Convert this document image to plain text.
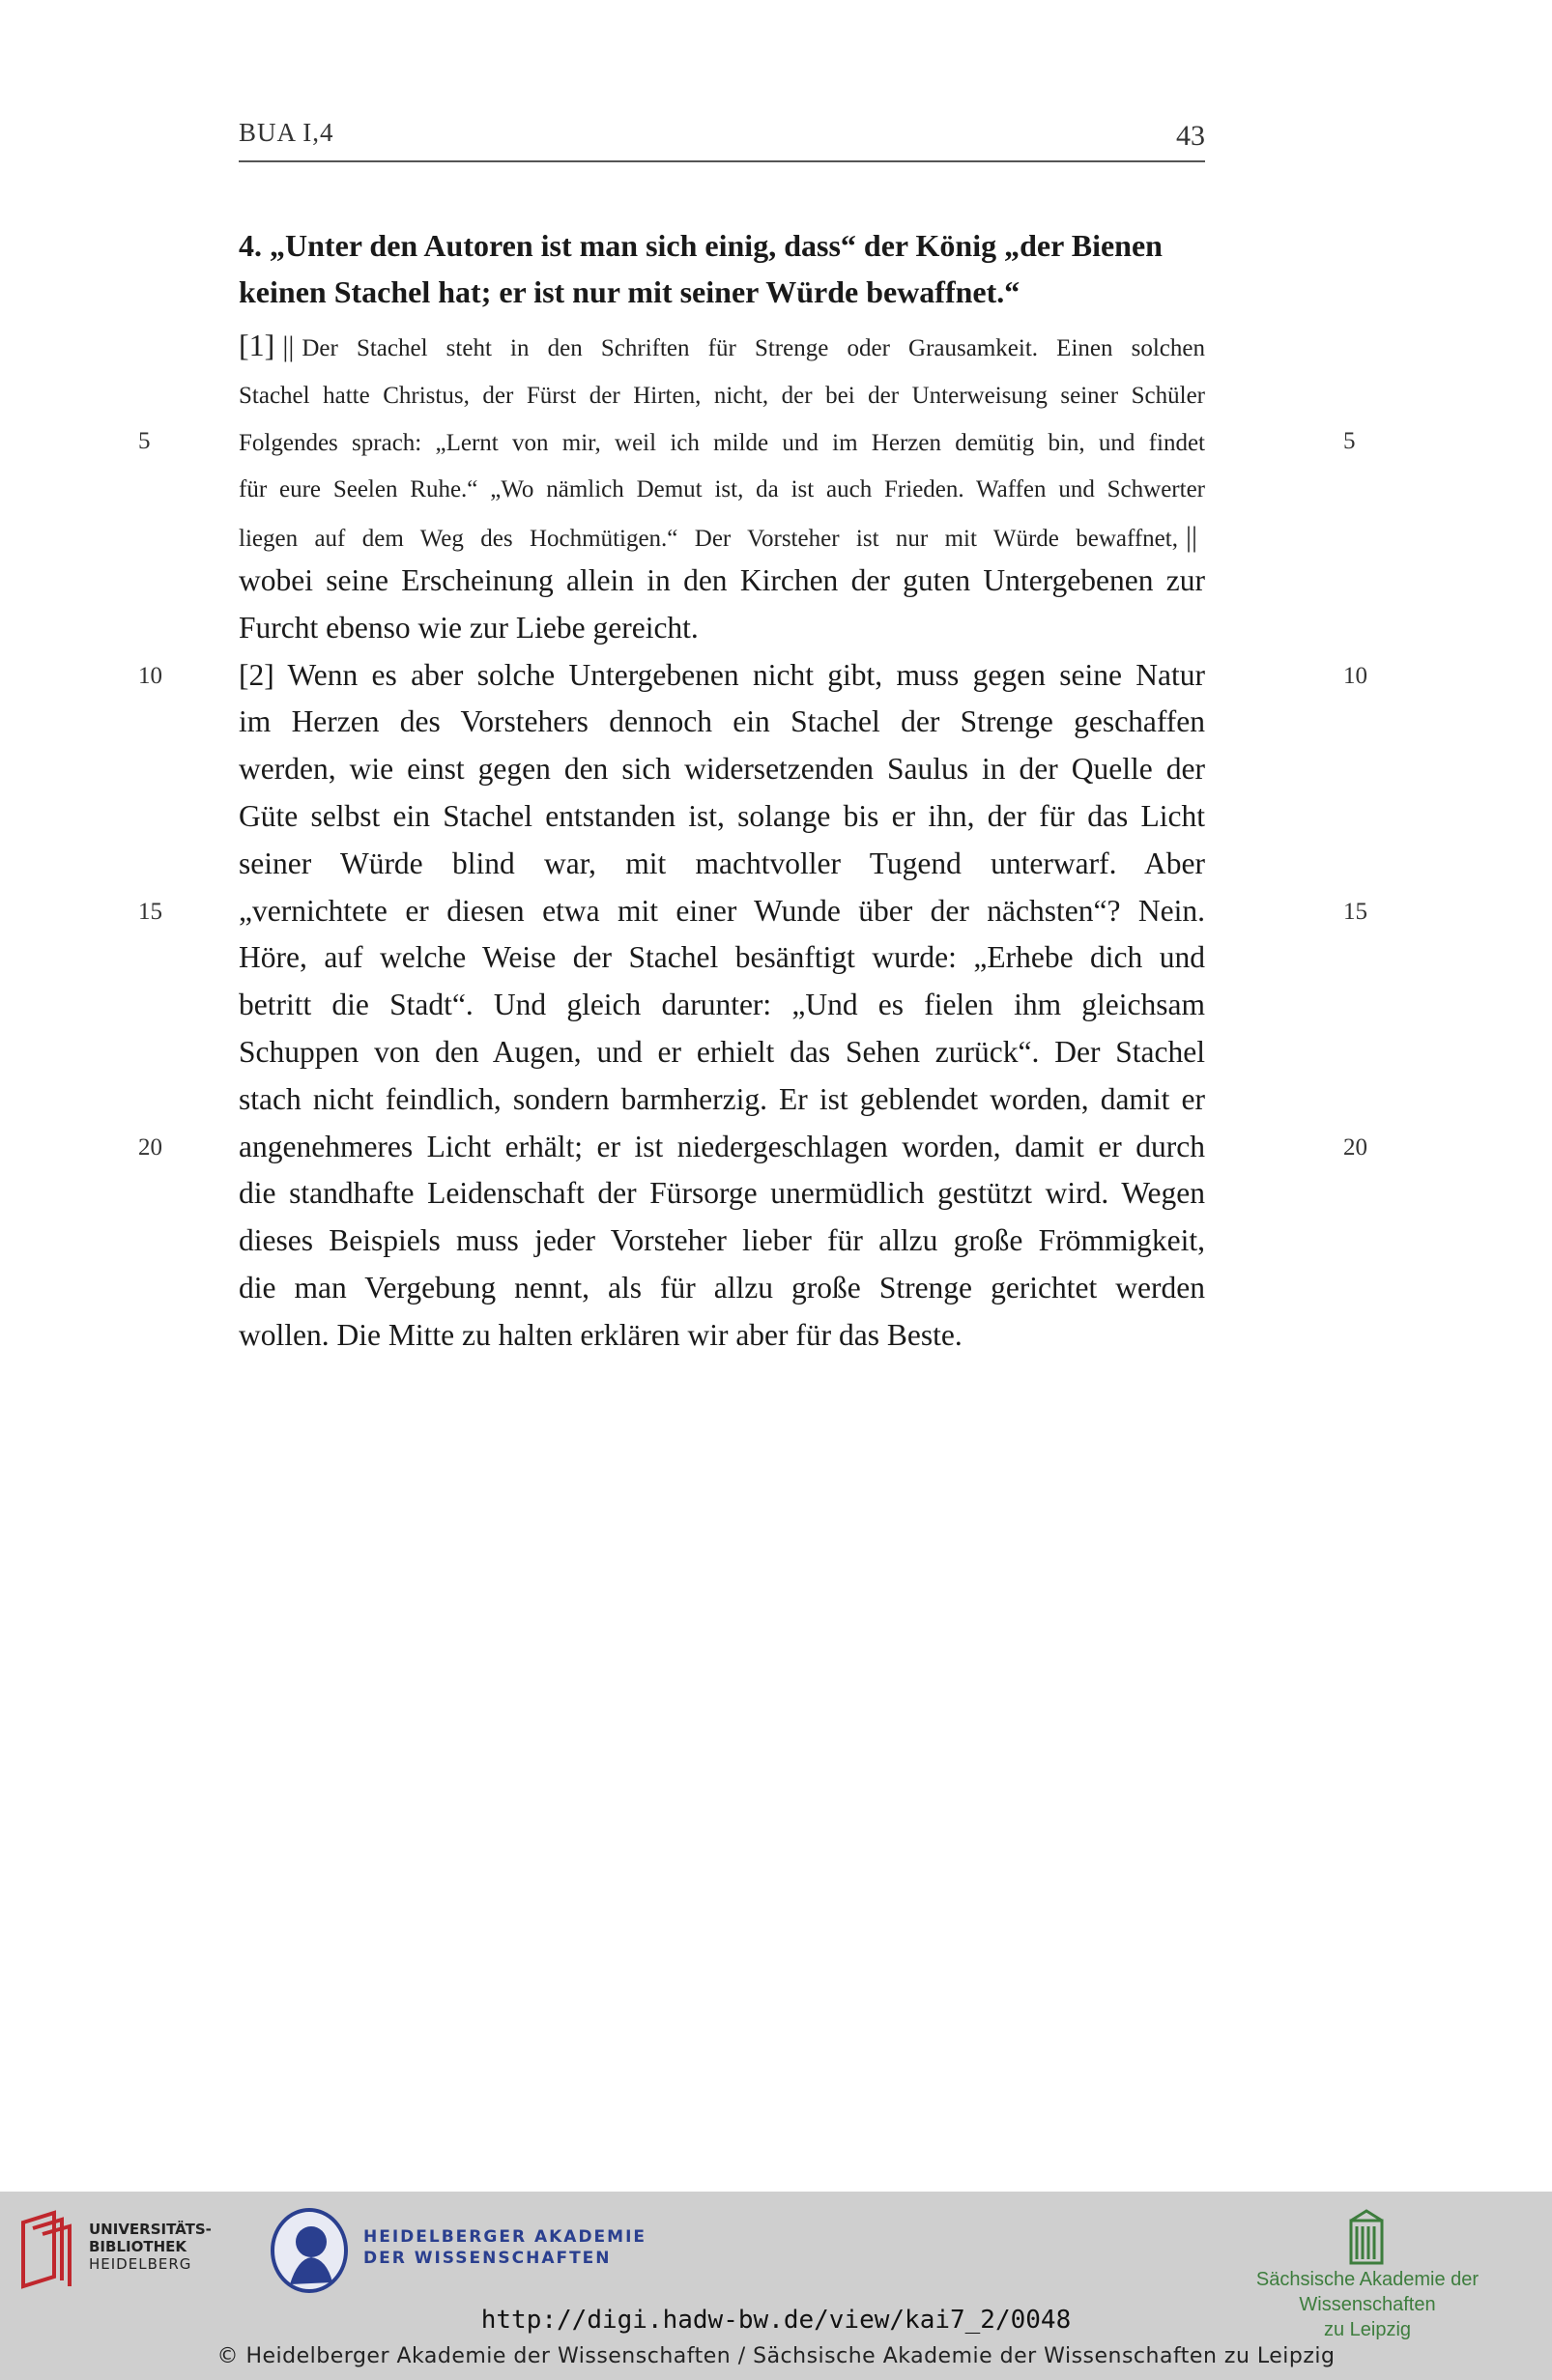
BUA I,4	43
4. „Unter den Autoren ist man sich einig, dass“ der König „der Bienen
keinen Stachel hat; er ist nur mit seiner Würde bewaffnet.“
[1] || Der Stachel steht in den Schriften für Strenge oder Grausamkeit. Einen solchen
Stachel hatte Christus, der Fürst der Hirten, nicht, der bei der Unterweisung seiner Schüler
Folgendes sprach: „Lernt von mir, weil ich milde und im Herzen demütig bin, und findet
für eure Seelen Ruhe.“ „Wo nämlich Demut ist, da ist auch Frieden. Waffen und Schwerter
liegen auf dem Weg des Hochmütigen.“ Der Vorsteher ist nur mit Würde bewaffnet, ||
wobei seine Erscheinung allein in den Kirchen der guten Untergebenen zur
Furcht ebenso wie zur Liebe gereicht.
[2] Wenn es aber solche Untergebenen nicht gibt, muss gegen seine Natur
im Herzen des Vorstehers dennoch ein Stachel der Strenge geschaffen
werden, wie einst gegen den sich widersetzenden Saulus in der Quelle der
Güte selbst ein Stachel entstanden ist, solange bis er ihn, der für das Licht
seiner Würde blind war, mit machtvoller Tugend unterwarf. Aber
„vernichtete er diesen etwa mit einer Wunde über der nächsten“? Nein.
Höre, auf welche Weise der Stachel besänftigt wurde: „Erhebe dich und
betritt die Stadt“. Und gleich darunter: „Und es fielen ihm gleichsam
Schuppen von den Augen, und er erhielt das Sehen zurück“. Der Stachel
stach nicht feindlich, sondern barmherzig. Er ist geblendet worden, damit er
angenehmeres Licht erhält; er ist niedergeschlagen worden, damit er durch
die standhafte Leidenschaft der Fürsorge unermüdlich gestützt wird. Wegen
dieses Beispiels muss jeder Vorsteher lieber für allzu große Frömmigkeit,
die man Vergebung nennt, als für allzu große Strenge gerichtet werden
wollen. Die Mitte zu halten erklären wir aber für das Beste.
5	5
10	10
15	15
20	20
UNIVERSITÄTS-
BIBLIOTHEK
HEIDELBERG
HEIDELBERGER AKADEMIE
DER WISSENSCHAFTEN
Sächsische Akademie der Wissenschaften
zu Leipzig
http://digi.hadw-bw.de/view/kai7_2/0048
© Heidelberger Akademie der Wissenschaften / Sächsische Akademie der Wissenschaften zu Leipzig
